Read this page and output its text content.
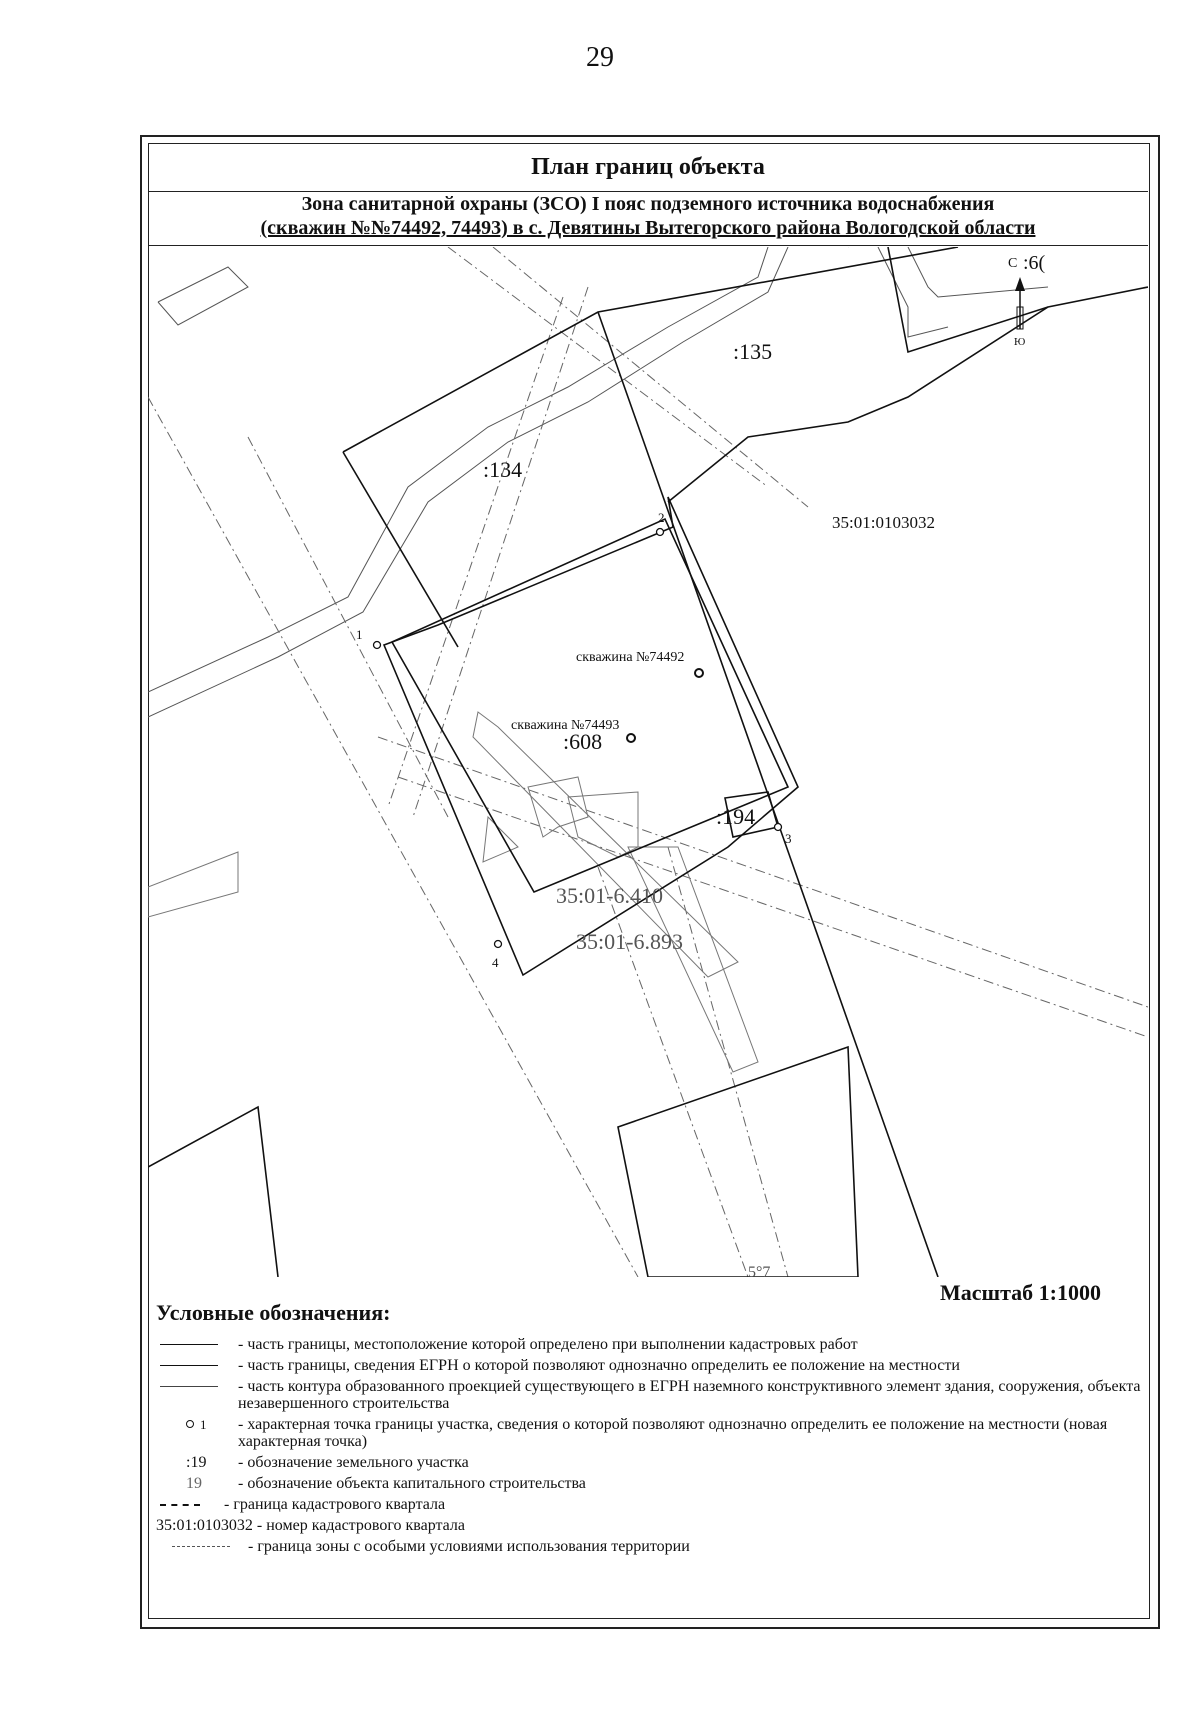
29
План границ объекта
Зона санитарной охраны (ЗСО) I пояс подземного источника водоснабжения
(скважин №№74492, 74493) в с. Девятины Вытегорского района Вологодской области
:135
:134
:608
:194
35:01:0103032
35:01-6.410
35:01-6.893
:6(
скважина №74492
скважина №74493
1
2
3
4
5°7
С
Ю
Масштаб 1:1000
Условные обозначения:
- часть границы, местоположение которой определено при выполнении кадастровых работ
- часть границы, сведения ЕГРН о которой позволяют однозначно определить ее положение на местности
- часть контура образованного проекцией существующего в ЕГРН наземного конструктивного элемент здания, сооружения, объекта незавершенного строительства
1 - характерная точка границы участка, сведения о которой позволяют однозначно определить ее положение на местности (новая характерная точка)
:19 - обозначение земельного участка
19 - обозначение объекта капитального строительства
- граница кадастрового квартала
35:01:0103032 - номер кадастрового квартала
- граница зоны с особыми условиями использования территории
